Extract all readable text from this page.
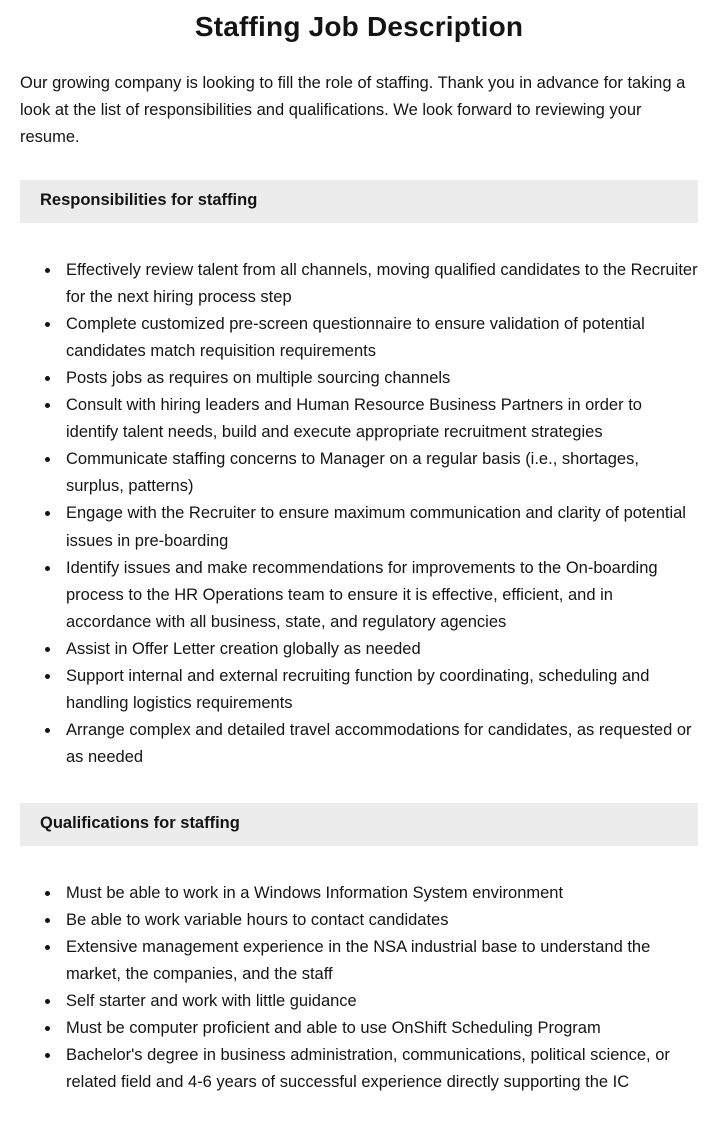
Staffing Job Description

Our growing company is looking to fill the role of staffing. Thank you in advance for taking a look at the list of responsibilities and qualifications. We look forward to reviewing your resume.

Responsibilities for staffing
• Effectively review talent from all channels, moving qualified candidates to the Recruiter for the next hiring process step
• Complete customized pre-screen questionnaire to ensure validation of potential candidates match requisition requirements
• Posts jobs as requires on multiple sourcing channels
• Consult with hiring leaders and Human Resource Business Partners in order to identify talent needs, build and execute appropriate recruitment strategies
• Communicate staffing concerns to Manager on a regular basis (i.e., shortages, surplus, patterns)
• Engage with the Recruiter to ensure maximum communication and clarity of potential issues in pre-boarding
• Identify issues and make recommendations for improvements to the On-boarding process to the HR Operations team to ensure it is effective, efficient, and in accordance with all business, state, and regulatory agencies
• Assist in Offer Letter creation globally as needed
• Support internal and external recruiting function by coordinating, scheduling and handling logistics requirements
• Arrange complex and detailed travel accommodations for candidates, as requested or as needed
Qualifications for staffing
• Must be able to work in a Windows Information System environment
• Be able to work variable hours to contact candidates
• Extensive management experience in the NSA industrial base to understand the market, the companies, and the staff
• Self starter and work with little guidance
• Must be computer proficient and able to use OnShift Scheduling Program
• Bachelor's degree in business administration, communications, political science, or related field and 4-6 years of successful experience directly supporting the IC
